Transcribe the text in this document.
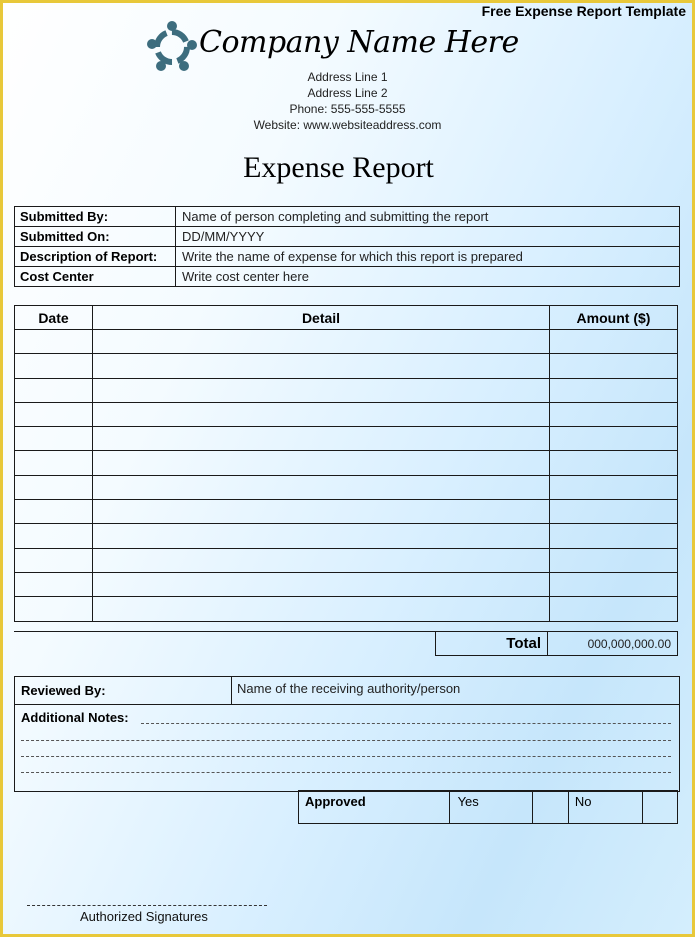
Free Expense Report Template
Company Name Here
Address Line 1
Address Line 2
Phone: 555-555-5555
Website: www.websiteaddress.com
Expense Report
Submitted By:	Name of person completing and submitting the report
Submitted On:	DD/MM/YYYY
Description of Report:	Write the name of expense for which this report is prepared
Cost Center	Write cost center here
Date	Detail	Amount ($)

Total	000,000,000.00
Reviewed By:	Name of the receiving authority/person
Additional Notes:
Approved	Yes		No	
Authorized Signatures
